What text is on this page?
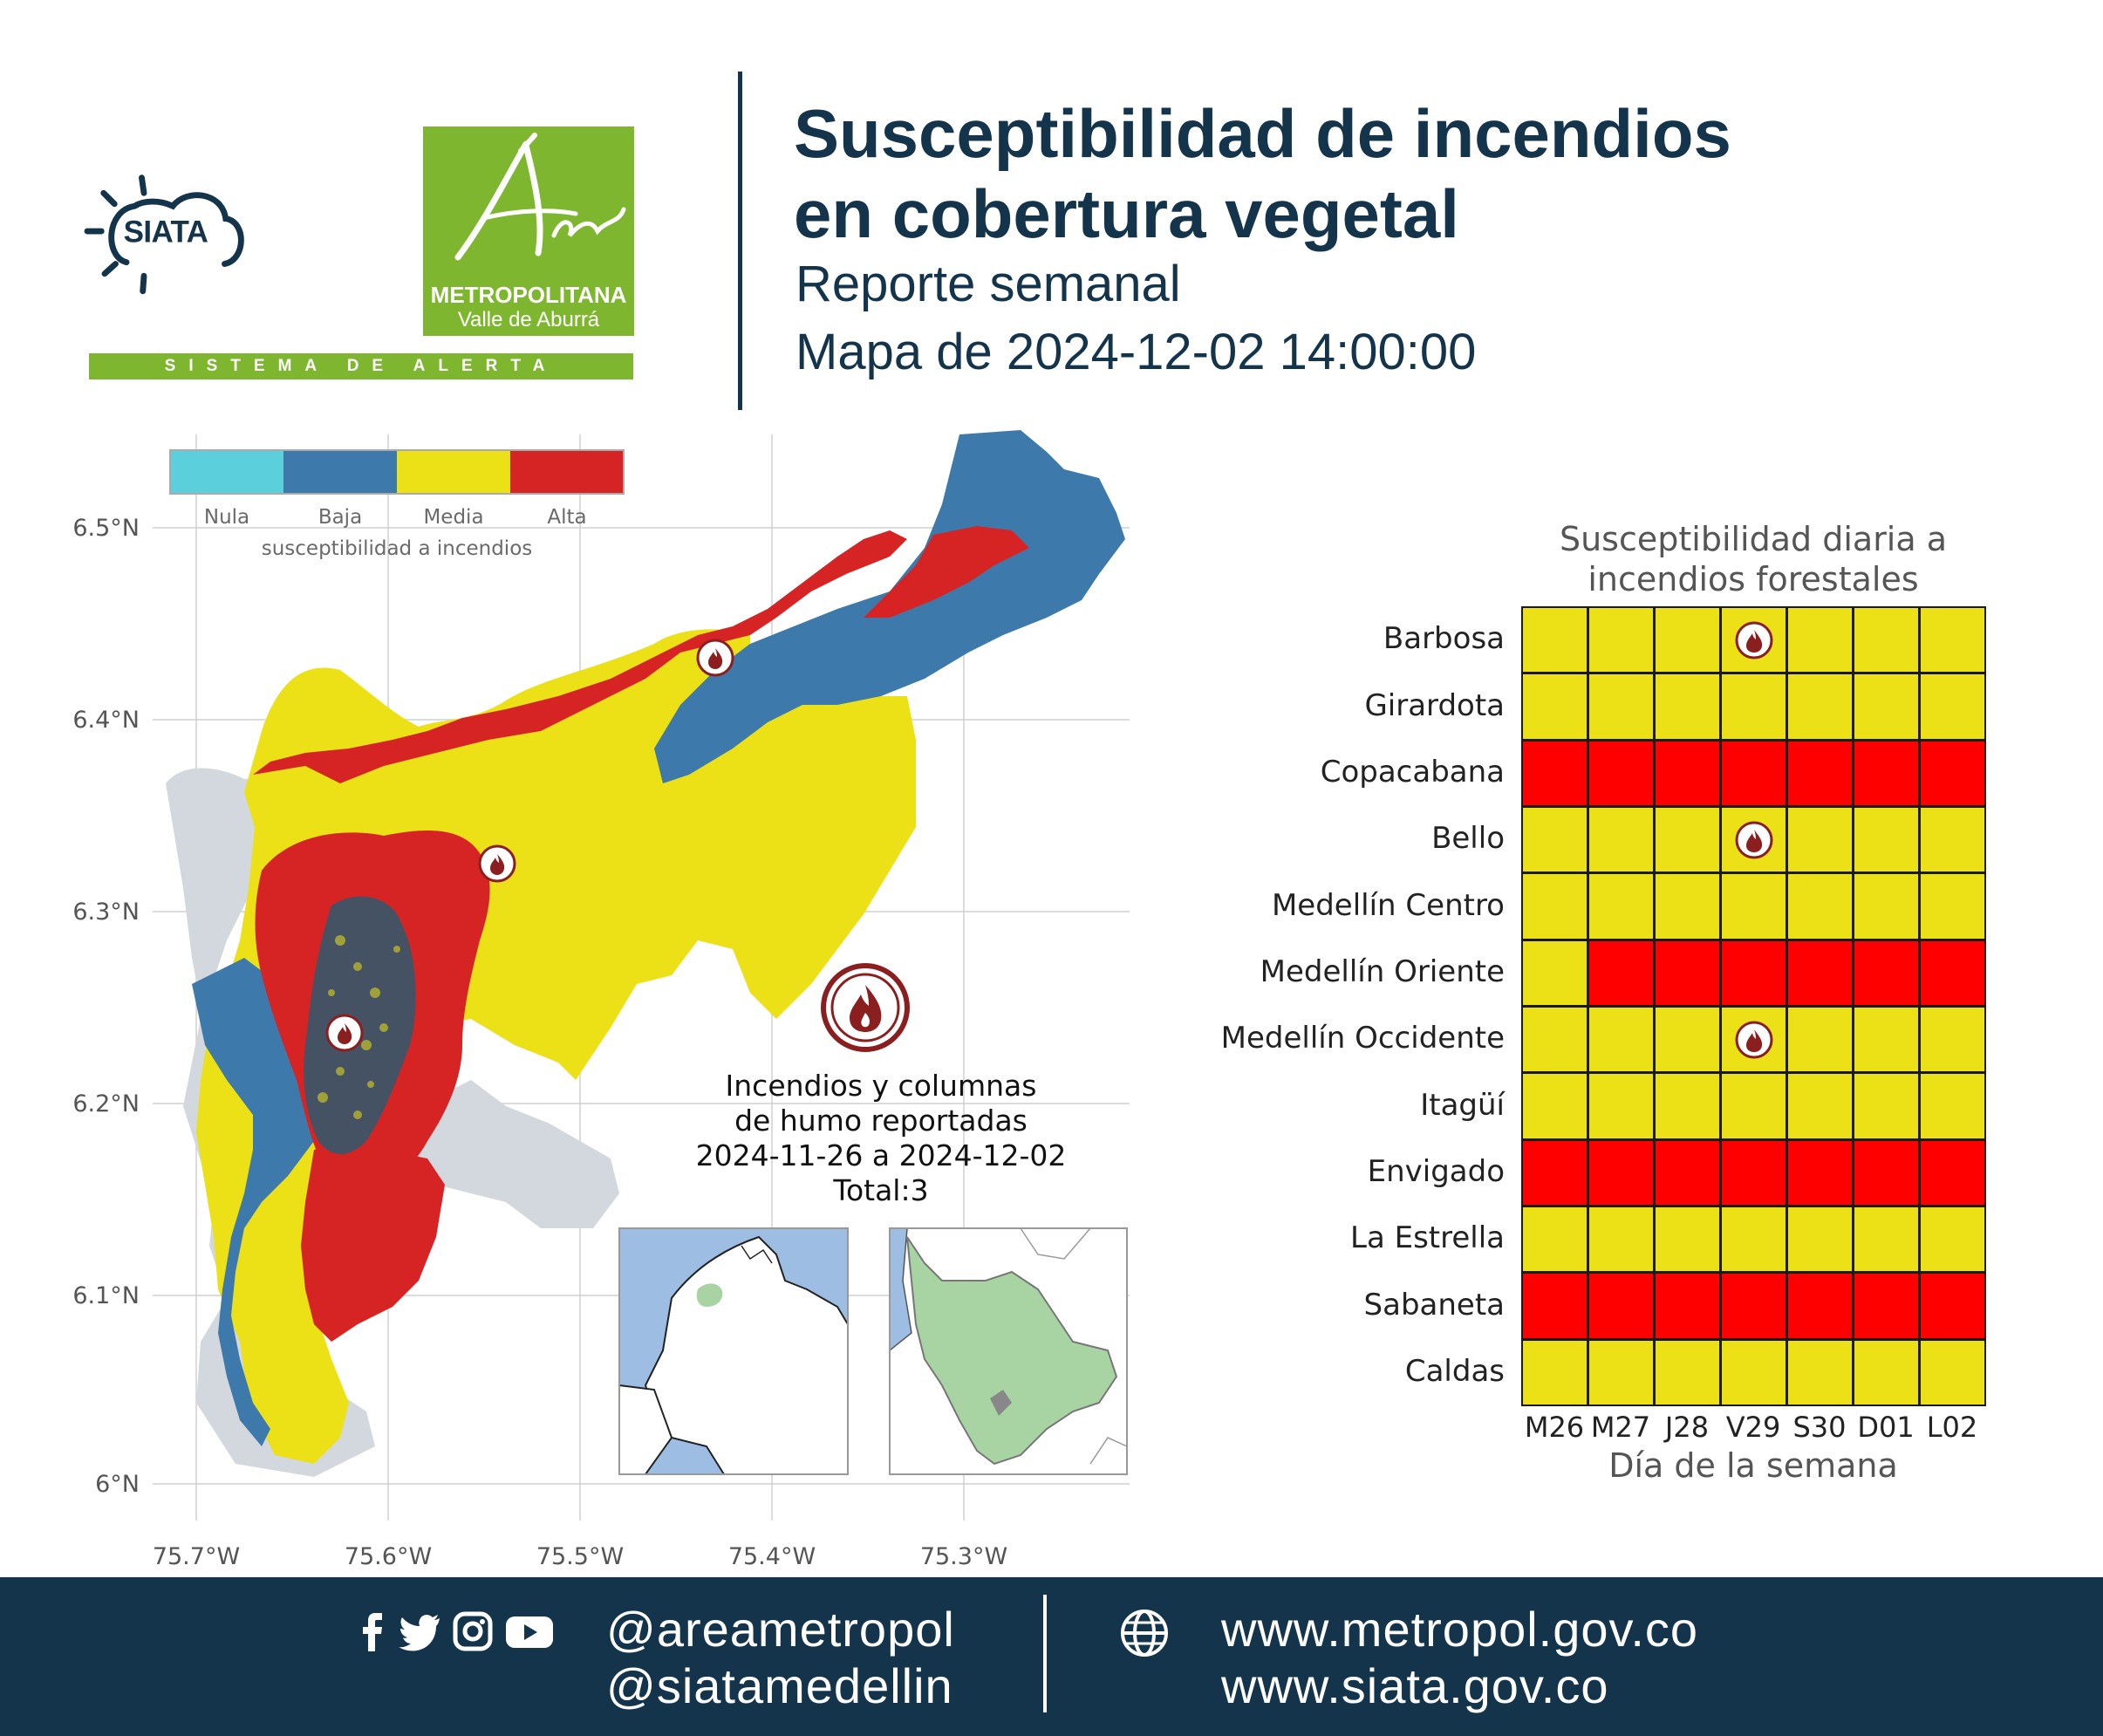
SIATA
METROPOLITANA
Valle de Aburrá
SISTEMA DE ALERTA TEMPRANA
Susceptibilidad de incendios
en cobertura vegetal
Reporte semanal
Mapa de 2024-12-02 14:00:00
Nula	Baja	Media	Alta
susceptibilidad a incendios
6.5°N
6.4°N
6.3°N
6.2°N
6.1°N
6°N
75.7°W	75.6°W	75.5°W	75.4°W	75.3°W
Incendios y columnas
de humo reportadas
2024-11-26 a 2024-12-02
Total:3
Susceptibilidad diaria a
incendios forestales
Barbosa
Girardota
Copacabana
Bello
Medellín Centro
Medellín Oriente
Medellín Occidente
Itagüí
Envigado
La Estrella
Sabaneta
Caldas
M26 M27 J28 V29 S30 D01 L02
Día de la semana
@areametropol
@siatamedellin
www.metropol.gov.co
www.siata.gov.co
